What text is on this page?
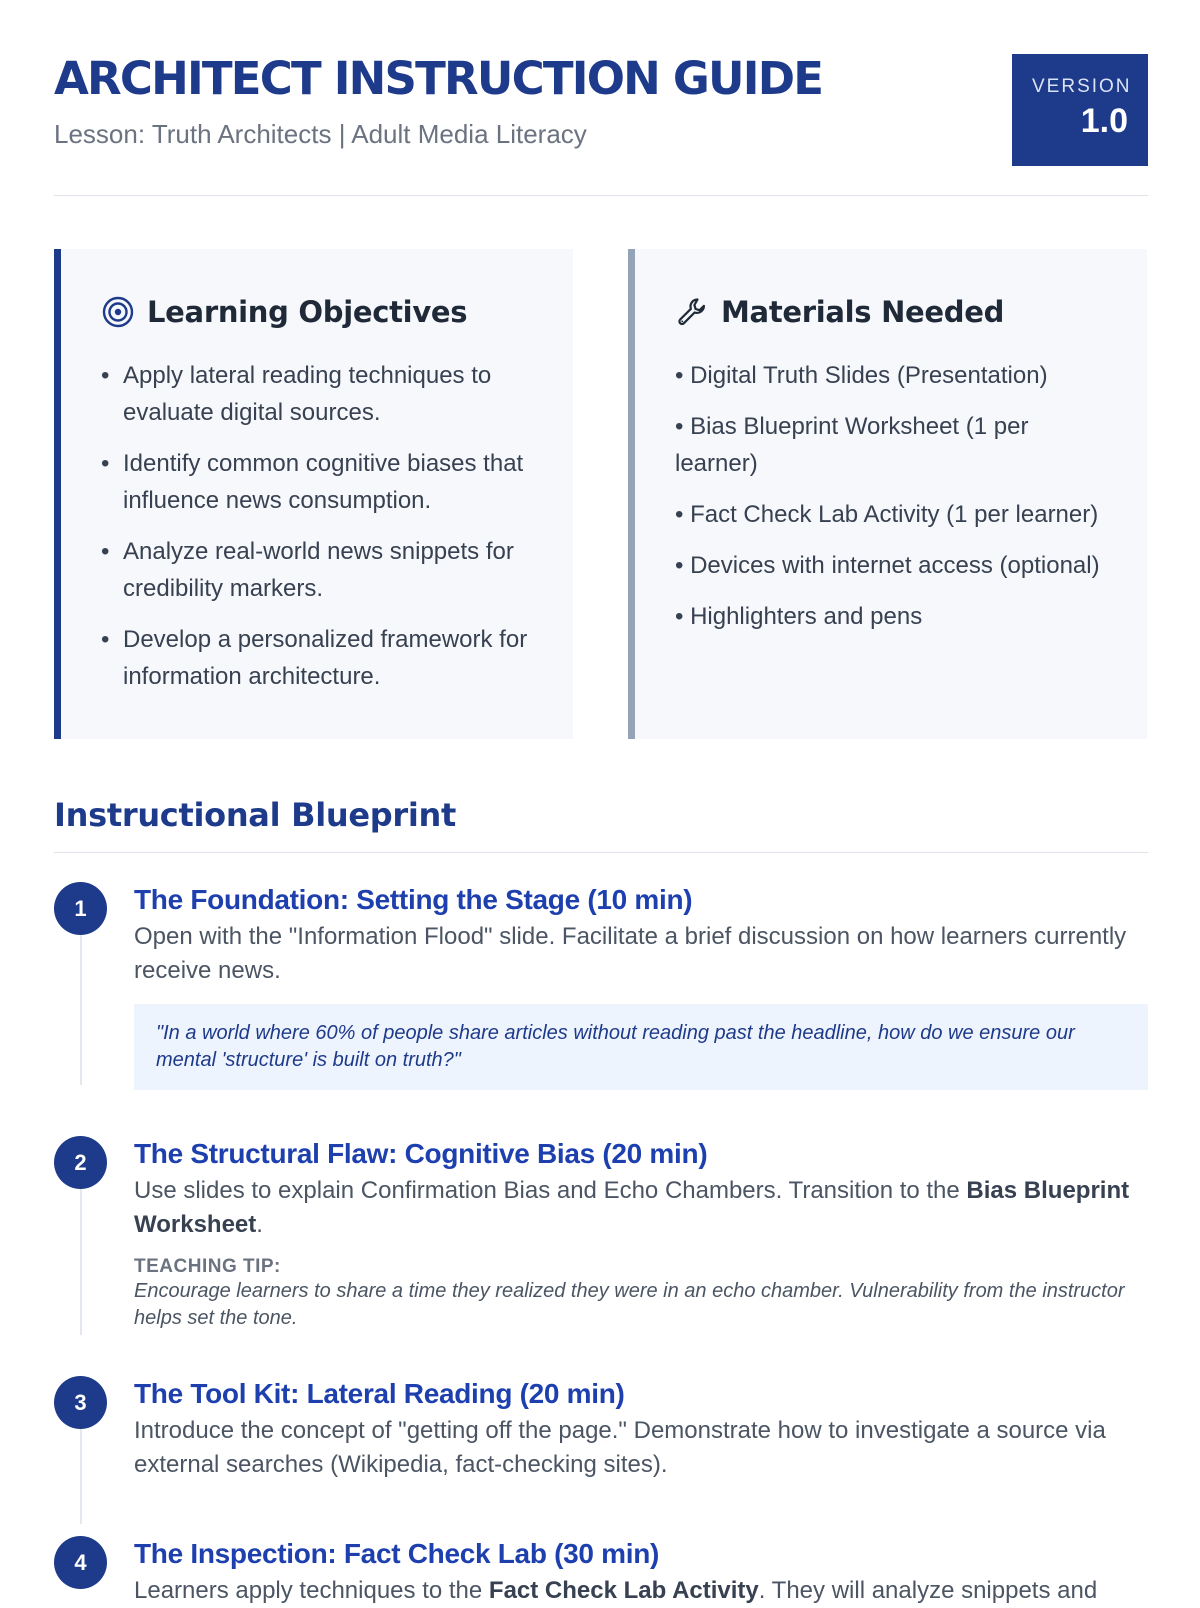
ARCHITECT INSTRUCTION GUIDE
Lesson: Truth Architects | Adult Media Literacy
VERSION
1.0
Learning Objectives
• Apply lateral reading techniques to evaluate digital sources.
• Identify common cognitive biases that influence news consumption.
• Analyze real-world news snippets for credibility markers.
• Develop a personalized framework for information architecture.
Materials Needed
• Digital Truth Slides (Presentation)
• Bias Blueprint Worksheet (1 per learner)
• Fact Check Lab Activity (1 per learner)
• Devices with internet access (optional)
• Highlighters and pens
Instructional Blueprint
1	The Foundation: Setting the Stage (10 min)
Open with the "Information Flood" slide. Facilitate a brief discussion on how learners currently receive news.
"In a world where 60% of people share articles without reading past the headline, how do we ensure our mental 'structure' is built on truth?"
2	The Structural Flaw: Cognitive Bias (20 min)
Use slides to explain Confirmation Bias and Echo Chambers. Transition to the Bias Blueprint Worksheet.
TEACHING TIP:
Encourage learners to share a time they realized they were in an echo chamber. Vulnerability from the instructor helps set the tone.
3	The Tool Kit: Lateral Reading (20 min)
Introduce the concept of "getting off the page." Demonstrate how to investigate a source via external searches (Wikipedia, fact-checking sites).
4	The Inspection: Fact Check Lab (30 min)
Learners apply techniques to the Fact Check Lab Activity. They will analyze snippets and
